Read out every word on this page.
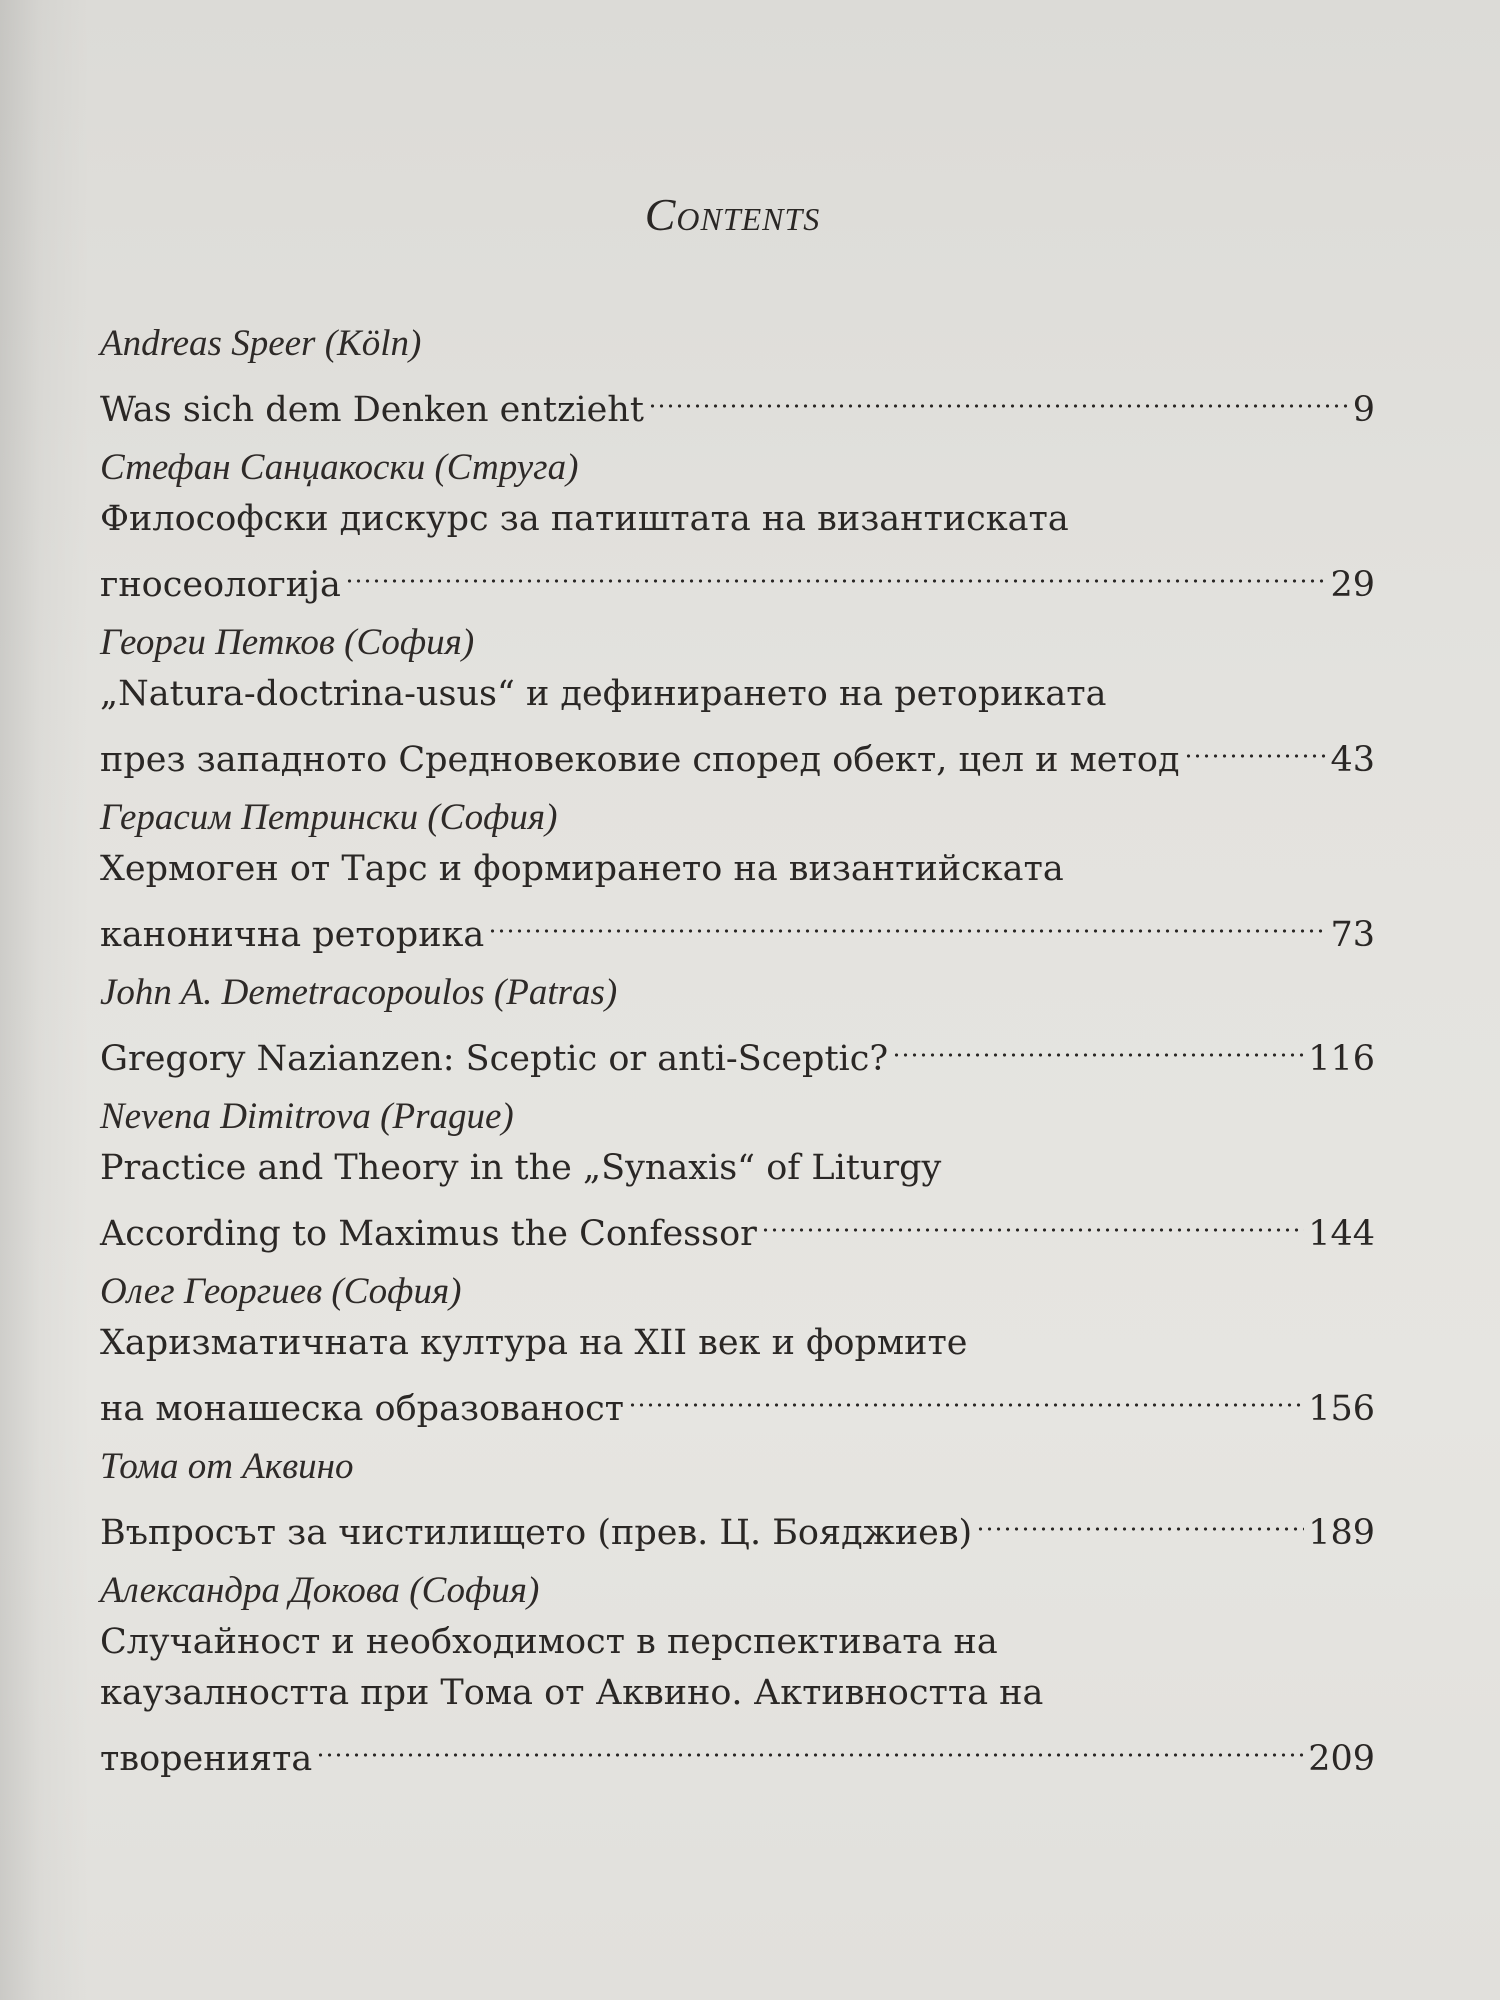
Contents
Andreas Speer (Köln)
Was sich dem Denken entzieht	9
Стефан Санџакоски (Струга)
Философски дискурс за патиштата на византиската
гносеологија	29
Георги Петков (София)
„Natura-doctrina-usus“ и дефинирането на реториката
през западното Средновековие според обект, цел и метод	43
Герасим Петрински (София)
Хермоген от Тарс и формирането на византийската
канонична реторика	73
John A. Demetracopoulos (Patras)
Gregory Nazianzen: Sceptic or anti-Sceptic?	116
Nevena Dimitrova (Prague)
Practice and Theory in the „Synaxis“ of Liturgy
According to Maximus the Confessor	144
Олег Георгиев (София)
Харизматичната култура на XII век и формите
на монашеска образованост	156
Тома от Аквино
Въпросът за чистилището (прев. Ц. Бояджиев)	189
Александра Докова (София)
Случайност и необходимост в перспективата на
каузалността при Тома от Аквино. Активността на
творенията	209
